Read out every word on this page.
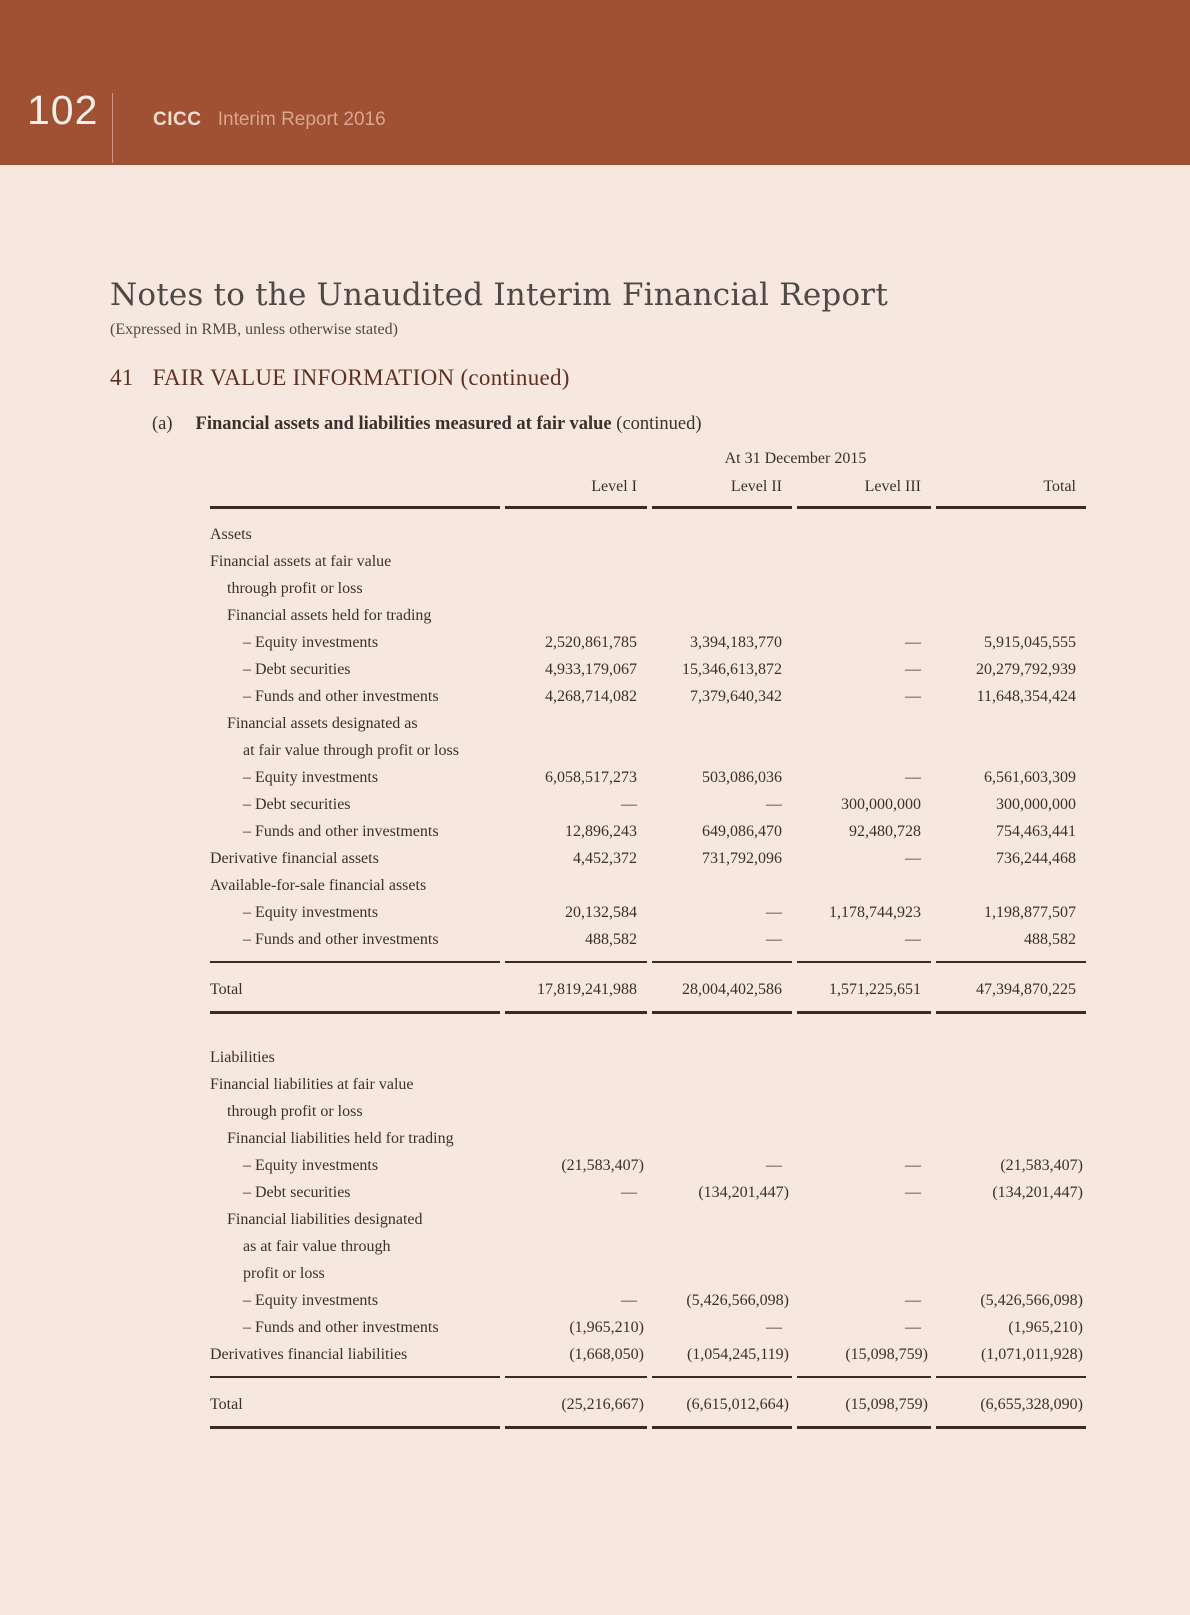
102	CICC Interim Report 2016
Notes to the Unaudited Interim Financial Report
(Expressed in RMB, unless otherwise stated)
41 FAIR VALUE INFORMATION (continued)
(a) Financial assets and liabilities measured at fair value (continued)
	At 31 December 2015			
	Level I	Level II	Level III	Total
Assets				
Financial assets at fair value				
through profit or loss				
Financial assets held for trading				
– Equity investments	2,520,861,785	3,394,183,770	—	5,915,045,555
– Debt securities	4,933,179,067	15,346,613,872	—	20,279,792,939
– Funds and other investments	4,268,714,082	7,379,640,342	—	11,648,354,424
Financial assets designated as				
at fair value through profit or loss				
– Equity investments	6,058,517,273	503,086,036	—	6,561,603,309
– Debt securities	—	—	300,000,000	300,000,000
– Funds and other investments	12,896,243	649,086,470	92,480,728	754,463,441
Derivative financial assets	4,452,372	731,792,096	—	736,244,468
Available-for-sale financial assets				
– Equity investments	20,132,584	—	1,178,744,923	1,198,877,507
– Funds and other investments	488,582	—	—	488,582
Total	17,819,241,988	28,004,402,586	1,571,225,651	47,394,870,225
Liabilities				
Financial liabilities at fair value				
through profit or loss				
Financial liabilities held for trading				
– Equity investments	(21,583,407)	—	—	(21,583,407)
– Debt securities	—	(134,201,447)	—	(134,201,447)
Financial liabilities designated				
as at fair value through				
profit or loss				
– Equity investments	—	(5,426,566,098)	—	(5,426,566,098)
– Funds and other investments	(1,965,210)	—	—	(1,965,210)
Derivatives financial liabilities	(1,668,050)	(1,054,245,119)	(15,098,759)	(1,071,011,928)
Total	(25,216,667)	(6,615,012,664)	(15,098,759)	(6,655,328,090)
